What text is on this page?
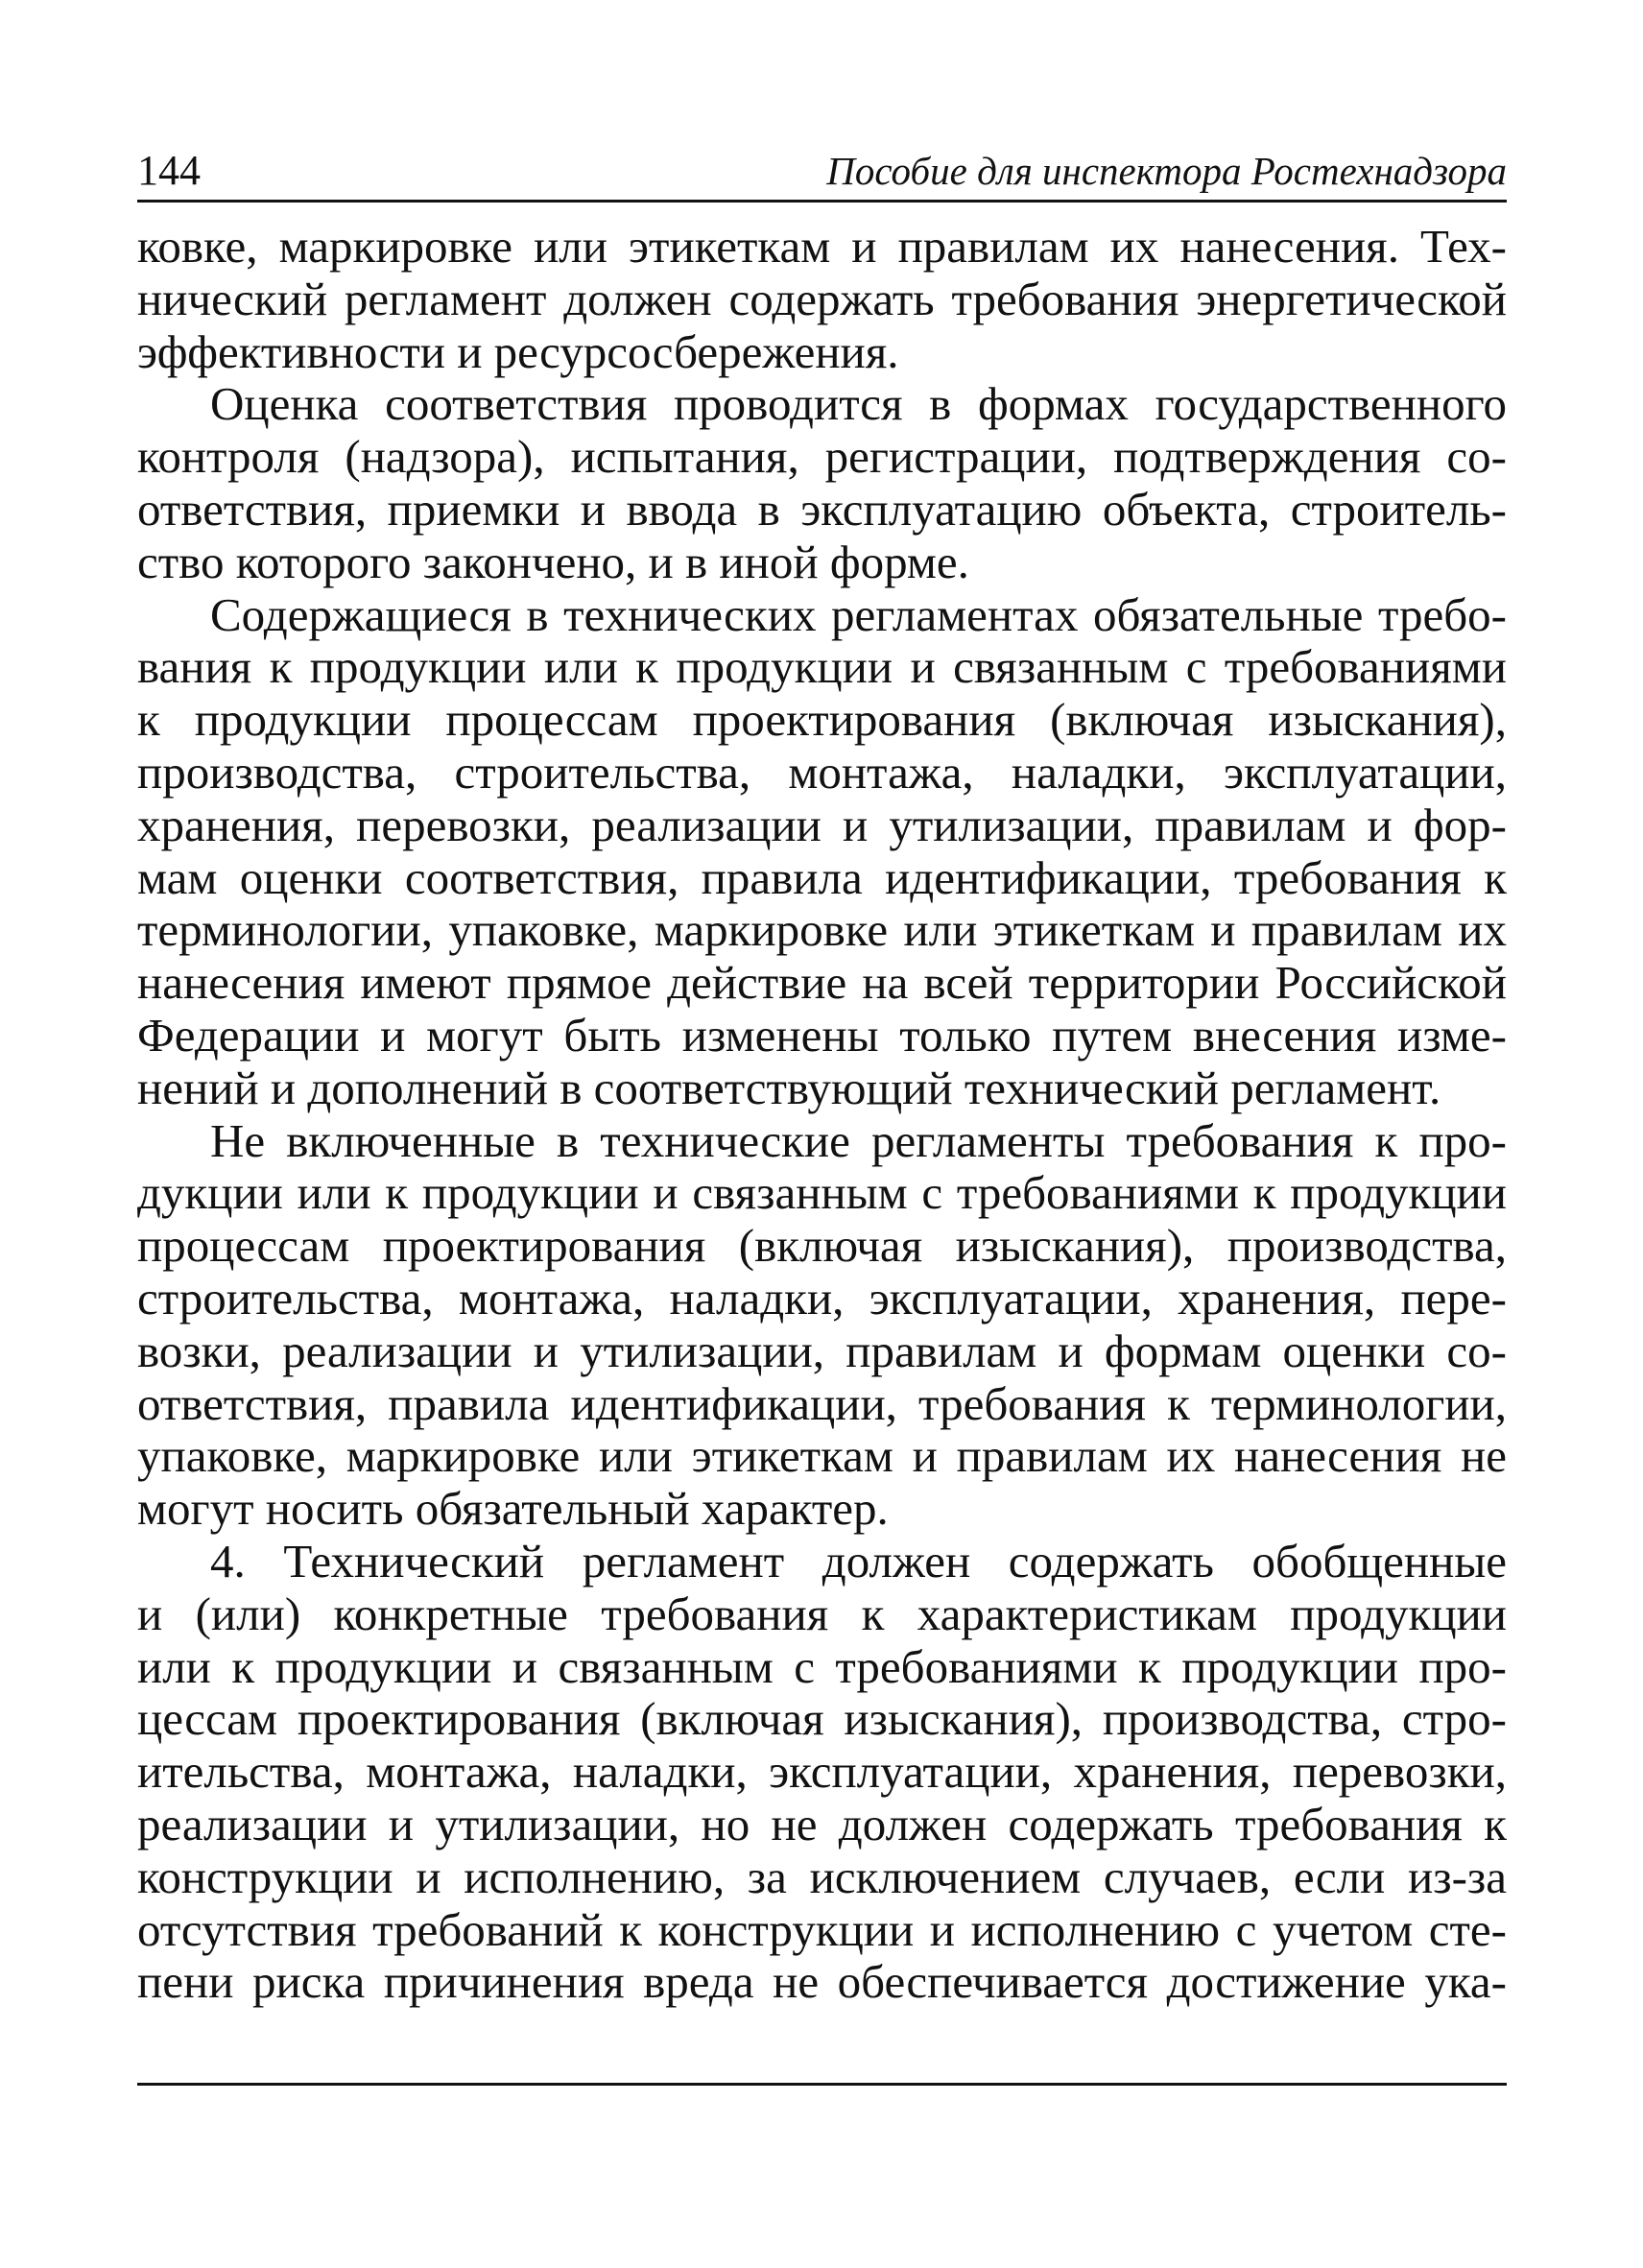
144	Пособие для инспектора Ростехнадзора
ковке, маркировке или этикеткам и правилам их нанесения. Тех-
нический регламент должен содержать требования энергетической
эффективности и ресурсосбережения.
Оценка соответствия проводится в формах государственного
контроля (надзора), испытания, регистрации, подтверждения со-
ответствия, приемки и ввода в эксплуатацию объекта, строитель-
ство которого закончено, и в иной форме.
Содержащиеся в технических регламентах обязательные требо-
вания к продукции или к продукции и связанным с требованиями
к продукции процессам проектирования (включая изыскания),
производства, строительства, монтажа, наладки, эксплуатации,
хранения, перевозки, реализации и утилизации, правилам и фор-
мам оценки соответствия, правила идентификации, требования к
терминологии, упаковке, маркировке или этикеткам и правилам их
нанесения имеют прямое действие на всей территории Российской
Федерации и могут быть изменены только путем внесения изме-
нений и дополнений в соответствующий технический регламент.
Не включенные в технические регламенты требования к про-
дукции или к продукции и связанным с требованиями к продукции
процессам проектирования (включая изыскания), производства,
строительства, монтажа, наладки, эксплуатации, хранения, пере-
возки, реализации и утилизации, правилам и формам оценки со-
ответствия, правила идентификации, требования к терминологии,
упаковке, маркировке или этикеткам и правилам их нанесения не
могут носить обязательный характер.
4. Технический регламент должен содержать обобщенные
и (или) конкретные требования к характеристикам продукции
или к продукции и связанным с требованиями к продукции про-
цессам проектирования (включая изыскания), производства, стро-
ительства, монтажа, наладки, эксплуатации, хранения, перевозки,
реализации и утилизации, но не должен содержать требования к
конструкции и исполнению, за исключением случаев, если из-за
отсутствия требований к конструкции и исполнению с учетом сте-
пени риска причинения вреда не обеспечивается достижение ука-
